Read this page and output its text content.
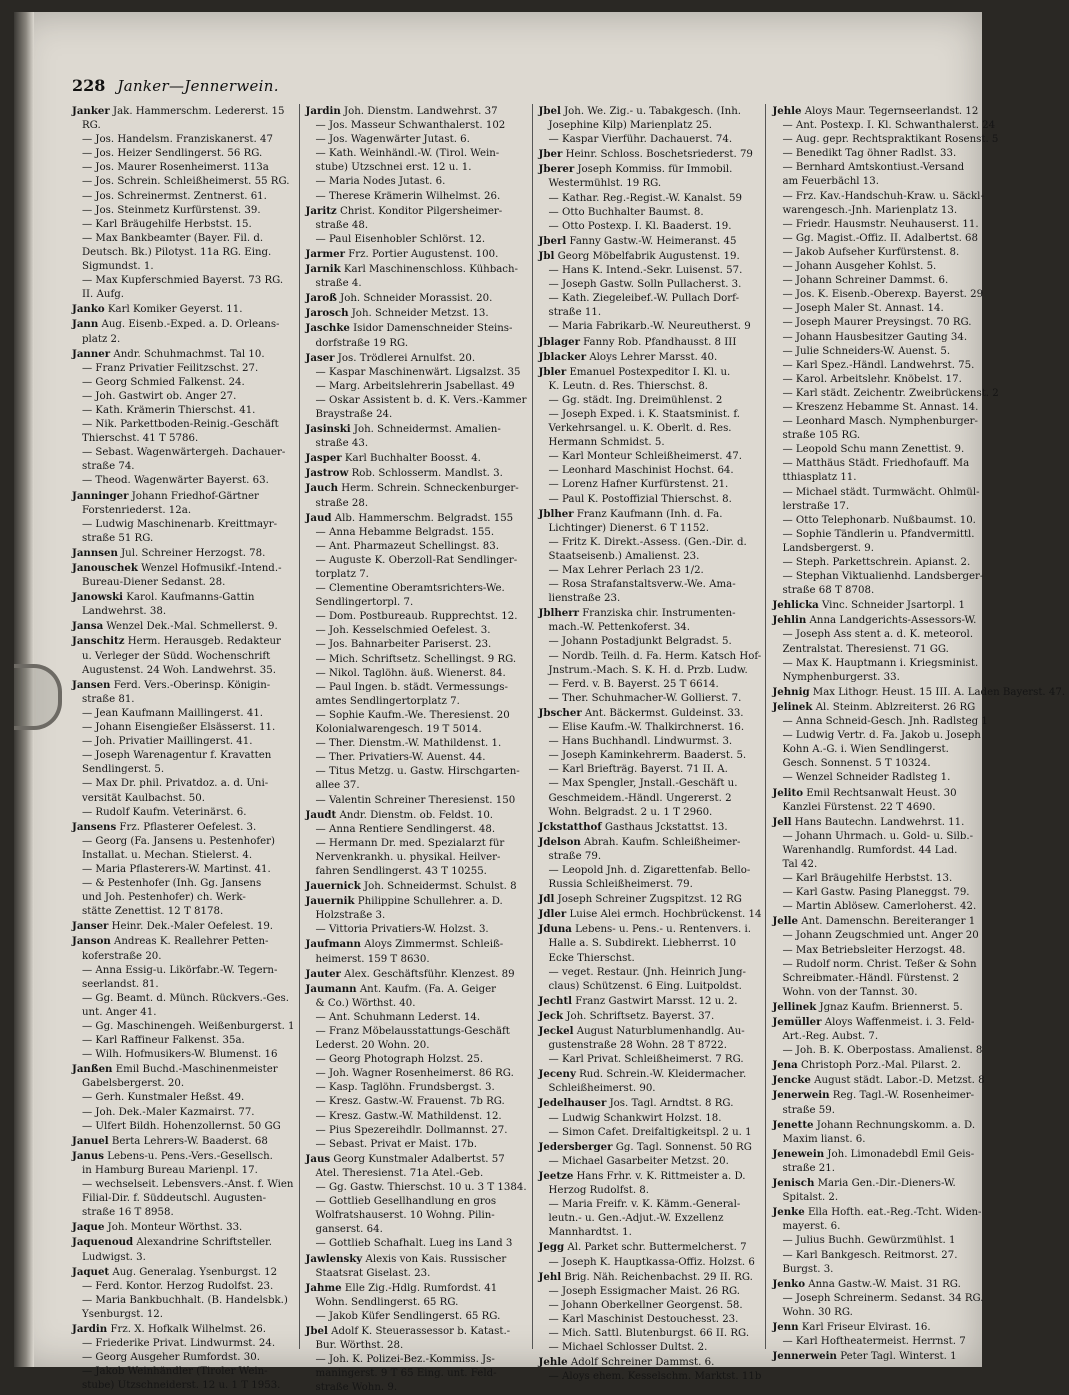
228 Janker—Jennerwein.
Janker Jak. Hammerschm. Ledererst. 15
RG.
— Jos. Handelsm. Franziskanerst. 47
— Jos. Heizer Sendlingerst. 56 RG.
— Jos. Maurer Rosenheimerst. 113a
— Jos. Schrein. Schleißheimerst. 55 RG.
— Jos. Schreinermst. Zentnerst. 61.
— Jos. Steinmetz Kurfürstenst. 39.
— Karl Bräugehilfe Herbstst. 15.
— Max Bankbeamter (Bayer. Fil. d.
Deutsch. Bk.) Pilotyst. 11a RG. Eing.
Sigmundst. 1.
— Max Kupferschmied Bayerst. 73 RG.
II. Aufg.
Janko Karl Komiker Geyerst. 11.
Jann Aug. Eisenb.-Exped. a. D. Orleans-
platz 2.
Janner Andr. Schuhmachmst. Tal 10.
— Franz Privatier Feilitzschst. 27.
— Georg Schmied Falkenst. 24.
— Joh. Gastwirt ob. Anger 27.
— Kath. Krämerin Thierschst. 41.
— Nik. Parkettboden-Reinig.-Geschäft
Thierschst. 41 T 5786.
— Sebast. Wagenwärtergeh. Dachauer-
straße 74.
— Theod. Wagenwärter Bayerst. 63.
Janninger Johann Friedhof-Gärtner
Forstenriederst. 12a.
— Ludwig Maschinenarb. Kreittmayr-
straße 51 RG.
Jannsen Jul. Schreiner Herzogst. 78.
Janouschek Wenzel Hofmusikf.-Intend.-
Bureau-Diener Sedanst. 28.
Janowski Karol. Kaufmanns-Gattin
Landwehrst. 38.
Jansa Wenzel Dek.-Mal. Schmellerst. 9.
Janschitz Herm. Herausgeb. Redakteur
u. Verleger der Südd. Wochenschrift
Augustenst. 24 Woh. Landwehrst. 35.
Jansen Ferd. Vers.-Oberinsp. Königin-
straße 81.
— Jean Kaufmann Maillingerst. 41.
— Johann Eisengießer Elsässerst. 11.
— Joh. Privatier Maillingerst. 41.
— Joseph Warenagentur f. Kravatten
Sendlingerst. 5.
— Max Dr. phil. Privatdoz. a. d. Uni-
versität Kaulbachst. 50.
— Rudolf Kaufm. Veterinärst. 6.
Jansens Frz. Pflasterer Oefelest. 3.
— Georg (Fa. Jansens u. Pestenhofer)
Installat. u. Mechan. Stielerst. 4.
— Maria Pflasterers-W. Martinst. 41.
— & Pestenhofer (Inh. Gg. Jansens
und Joh. Pestenhofer) ch. Werk-
stätte Zenettist. 12 T 8178.
Janser Heinr. Dek.-Maler Oefelest. 19.
Janson Andreas K. Reallehrer Petten-
koferstraße 20.
— Anna Essig-u. Likörfabr.-W. Tegern-
seerlandst. 81.
— Gg. Beamt. d. Münch. Rückvers.-Ges.
unt. Anger 41.
— Gg. Maschinengeh. Weißenburgerst. 1
— Karl Raffineur Falkenst. 35a.
— Wilh. Hofmusikers-W. Blumenst. 16
Janßen Emil Buchd.-Maschinenmeister
Gabelsbergerst. 20.
— Gerh. Kunstmaler Heßst. 49.
— Joh. Dek.-Maler Kazmairst. 77.
— Ulfert Bildh. Hohenzollernst. 50 GG
Januel Berta Lehrers-W. Baaderst. 68
Janus Lebens-u. Pens.-Vers.-Gesellsch.
in Hamburg Bureau Marienpl. 17.
— wechselseit. Lebensvers.-Anst. f. Wien
Filial-Dir. f. Süddeutschl. Augusten-
straße 16 T 8958.
Jaque Joh. Monteur Wörthst. 33.
Jaquenoud Alexandrine Schriftsteller.
Ludwigst. 3.
Jaquet Aug. Generalag. Ysenburgst. 12
— Ferd. Kontor. Herzog Rudolfst. 23.
— Maria Bankbuchhalt. (B. Handelsbk.)
Ysenburgst. 12.
Jardin Frz. X. Hofkalk Wilhelmst. 26.
— Friederike Privat. Lindwurmst. 24.
— Georg Ausgeher Rumfordst. 30.
— Jakob Weinhändler (Tiroler Wein-
stube) Utzschneiderst. 12 u. 1 T 1953.
Jardin Joh. Dienstm. Landwehrst. 37
— Jos. Masseur Schwanthalerst. 102
— Jos. Wagenwärter Jutast. 6.
— Kath. Weinhändl.-W. (Tirol. Wein-
stube) Utzschnei erst. 12 u. 1.
— Maria Nodes Jutast. 6.
— Therese Krämerin Wilhelmst. 26.
Jaritz Christ. Konditor Pilgersheimer-
straße 48.
— Paul Eisenhobler Schlörst. 12.
Jarmer Frz. Portier Augustenst. 100.
Jarnik Karl Maschinenschloss. Kühbach-
straße 4.
Jaroß Joh. Schneider Morassist. 20.
Jarosch Joh. Schneider Metzst. 13.
Jaschke Isidor Damenschneider Steins-
dorfstraße 19 RG.
Jaser Jos. Trödlerei Arnulfst. 20.
— Kaspar Maschinenwärt. Ligsalzst. 35
— Marg. Arbeitslehrerin Jsabellast. 49
— Oskar Assistent b. d. K. Vers.-Kammer
Braystraße 24.
Jasinski Joh. Schneidermst. Amalien-
straße 43.
Jasper Karl Buchhalter Boosst. 4.
Jastrow Rob. Schlosserm. Mandlst. 3.
Jauch Herm. Schrein. Schneckenburger-
straße 28.
Jaud Alb. Hammerschm. Belgradst. 155
— Anna Hebamme Belgradst. 155.
— Ant. Pharmazeut Schellingst. 83.
— Auguste K. Oberzoll-Rat Sendlinger-
torplatz 7.
— Clementine Oberamtsrichters-We.
Sendlingertorpl. 7.
— Dom. Postbureaub. Rupprechtst. 12.
— Joh. Kesselschmied Oefelest. 3.
— Jos. Bahnarbeiter Pariserst. 23.
— Mich. Schriftsetz. Schellingst. 9 RG.
— Nikol. Taglöhn. äuß. Wienerst. 84.
— Paul Ingen. b. städt. Vermessungs-
amtes Sendlingertorplatz 7.
— Sophie Kaufm.-We. Theresienst. 20
Kolonialwarengesch. 19 T 5014.
— Ther. Dienstm.-W. Mathildenst. 1.
— Ther. Privatiers-W. Auenst. 44.
— Titus Metzg. u. Gastw. Hirschgarten-
allee 37.
— Valentin Schreiner Theresienst. 150
Jaudt Andr. Dienstm. ob. Feldst. 10.
— Anna Rentiere Sendlingerst. 48.
— Hermann Dr. med. Spezialarzt für
Nervenkrankh. u. physikal. Heilver-
fahren Sendlingerst. 43 T 10255.
Jauernick Joh. Schneidermst. Schulst. 8
Jauernik Philippine Schullehrer. a. D.
Holzstraße 3.
— Vittoria Privatiers-W. Holzst. 3.
Jaufmann Aloys Zimmermst. Schleiß-
heimerst. 159 T 8630.
Jauter Alex. Geschäftsführ. Klenzest. 89
Jaumann Ant. Kaufm. (Fa. A. Geiger
& Co.) Wörthst. 40.
— Ant. Schuhmann Lederst. 14.
— Franz Möbelausstattungs-Geschäft
Lederst. 20 Wohn. 20.
— Georg Photograph Holzst. 25.
— Joh. Wagner Rosenheimerst. 86 RG.
— Kasp. Taglöhn. Frundsbergst. 3.
— Kresz. Gastw.-W. Frauenst. 7b RG.
— Kresz. Gastw.-W. Mathildenst. 12.
— Pius Spezereihdlr. Dollmannst. 27.
— Sebast. Privat er Maist. 17b.
Jaus Georg Kunstmaler Adalbertst. 57
Atel. Theresienst. 71a Atel.-Geb.
— Gg. Gastw. Thierschst. 10 u. 3 T 1384.
— Gottlieb Gesellhandlung en gros
Wolfratshauserst. 10 Wohng. Pilin-
ganserst. 64.
— Gottlieb Schafhalt. Lueg ins Land 3
Jawlensky Alexis von Kais. Russischer
Staatsrat Giselast. 23.
Jahme Elle Zig.-Hdlg. Rumfordst. 41
Wohn. Sendlingerst. 65 RG.
— Jakob Küfer Sendlingerst. 65 RG.
Jbel Adolf K. Steuerassessor b. Katast.-
Bur. Wörthst. 28.
— Joh. K. Polizei-Bez.-Kommiss. Js-
maningerst. 9 T 65 Eing. unt. Feld-
straße Wohn. 9.
Jbel Joh. We. Zig.- u. Tabakgesch. (Inh.
Josephine Kilp) Marienplatz 25.
— Kaspar Vierführ. Dachauerst. 74.
Jber Heinr. Schloss. Boschetsriederst. 79
Jberer Joseph Kommiss. für Immobil.
Westermühlst. 19 RG.
— Kathar. Reg.-Regist.-W. Kanalst. 59
— Otto Buchhalter Baumst. 8.
— Otto Postexp. I. Kl. Baaderst. 19.
Jberl Fanny Gastw.-W. Heimeranst. 45
Jbl Georg Möbelfabrik Augustenst. 19.
— Hans K. Intend.-Sekr. Luisenst. 57.
— Joseph Gastw. Solln Pullacherst. 3.
— Kath. Ziegeleibef.-W. Pullach Dorf-
straße 11.
— Maria Fabrikarb.-W. Neureutherst. 9
Jblager Fanny Rob. Pfandhausst. 8 III
Jblacker Aloys Lehrer Marsst. 40.
Jbler Emanuel Postexpeditor I. Kl. u.
K. Leutn. d. Res. Thierschst. 8.
— Gg. städt. Ing. Dreimühlenst. 2
— Joseph Exped. i. K. Staatsminist. f.
Verkehrsangel. u. K. Oberlt. d. Res.
Hermann Schmidst. 5.
— Karl Monteur Schleißheimerst. 47.
— Leonhard Maschinist Hochst. 64.
— Lorenz Hafner Kurfürstenst. 21.
— Paul K. Postoffizial Thierschst. 8.
Jblher Franz Kaufmann (Inh. d. Fa.
Lichtinger) Dienerst. 6 T 1152.
— Fritz K. Direkt.-Assess. (Gen.-Dir. d.
Staatseisenb.) Amalienst. 23.
— Max Lehrer Perlach 23 1/2.
— Rosa Strafanstaltsverw.-We. Ama-
lienstraße 23.
Jblherr Franziska chir. Instrumenten-
mach.-W. Pettenkoferst. 34.
— Johann Postadjunkt Belgradst. 5.
— Nordb. Teilh. d. Fa. Herm. Katsch Hof-
Jnstrum.-Mach. S. K. H. d. Przb. Ludw.
— Ferd. v. B. Bayerst. 25 T 6614.
— Ther. Schuhmacher-W. Gollierst. 7.
Jbscher Ant. Bäckermst. Guldeinst. 33.
— Elise Kaufm.-W. Thalkirchnerst. 16.
— Hans Buchhandl. Lindwurmst. 3.
— Joseph Kaminkehrerm. Baaderst. 5.
— Karl Briefträg. Bayerst. 71 II. A.
— Max Spengler, Jnstall.-Geschäft u.
Geschmeidem.-Händl. Ungererst. 2
Wohn. Belgradst. 2 u. 1 T 2960.
Jckstatthof Gasthaus Jckstattst. 13.
Jdelson Abrah. Kaufm. Schleißheimer-
straße 79.
— Leopold Jnh. d. Zigarettenfab. Bello-
Russia Schleißheimerst. 79.
Jdl Joseph Schreiner Zugspitzst. 12 RG
Jdler Luise Alei ermch. Hochbrückenst. 14
Jduna Lebens- u. Pens.- u. Rentenvers. i.
Halle a. S. Subdirekt. Liebherrst. 10
Ecke Thierschst.
— veget. Restaur. (Jnh. Heinrich Jung-
claus) Schützenst. 6 Eing. Luitpoldst.
Jechtl Franz Gastwirt Marsst. 12 u. 2.
Jeck Joh. Schriftsetz. Bayerst. 37.
Jeckel August Naturblumenhandlg. Au-
gustenstraße 28 Wohn. 28 T 8722.
— Karl Privat. Schleißheimerst. 7 RG.
Jeceny Rud. Schrein.-W. Kleidermacher.
Schleißheimerst. 90.
Jedelhauser Jos. Tagl. Arndtst. 8 RG.
— Ludwig Schankwirt Holzst. 18.
— Simon Cafet. Dreifaltigkeitspl. 2 u. 1
Jedersberger Gg. Tagl. Sonnenst. 50 RG
— Michael Gasarbeiter Metzst. 20.
Jeetze Hans Frhr. v. K. Rittmeister a. D.
Herzog Rudolfst. 8.
— Maria Freifr. v. K. Kämm.-General-
leutn.- u. Gen.-Adjut.-W. Exzellenz
Mannhardtst. 1.
Jegg Al. Parket schr. Buttermelcherst. 7
— Joseph K. Hauptkassa-Offiz. Holzst. 6
Jehl Brig. Näh. Reichenbachst. 29 II. RG.
— Joseph Essigmacher Maist. 26 RG.
— Johann Oberkellner Georgenst. 58.
— Karl Maschinist Destouchesst. 23.
— Mich. Sattl. Blutenburgst. 66 II. RG.
— Michael Schlosser Dultst. 2.
Jehle Adolf Schreiner Dammst. 6.
— Aloys ehem. Kesselschm. Marktst. 11b
Jehle Aloys Maur. Tegernseerlandst. 12
— Ant. Postexp. I. Kl. Schwanthalerst. 24
— Aug. gepr. Rechtspraktikant Rosenst. 5
— Benedikt Tag öhner Radlst. 33.
— Bernhard Amtskontiust.-Versand
am Feuerbächl 13.
— Frz. Kav.-Handschuh-Kraw. u. Säckl-
warengesch.-Jnh. Marienplatz 13.
— Friedr. Hausmstr. Neuhauserst. 11.
— Gg. Magist.-Offiz. II. Adalbertst. 68
— Jakob Aufseher Kurfürstenst. 8.
— Johann Ausgeher Kohlst. 5.
— Johann Schreiner Dammst. 6.
— Jos. K. Eisenb.-Oberexp. Bayerst. 29
— Joseph Maler St. Annast. 14.
— Joseph Maurer Preysingst. 70 RG.
— Johann Hausbesitzer Gauting 34.
— Julie Schneiders-W. Auenst. 5.
— Karl Spez.-Händl. Landwehrst. 75.
— Karol. Arbeitslehr. Knöbelst. 17.
— Karl städt. Zeichentr. Zweibrückenst. 2
— Kreszenz Hebamme St. Annast. 14.
— Leonhard Masch. Nymphenburger-
straße 105 RG.
— Leopold Schu mann Zenettist. 9.
— Matthäus Städt. Friedhofauff. Ma
tthiasplatz 11.
— Michael städt. Turmwächt. Ohlmül-
lerstraße 17.
— Otto Telephonarb. Nußbaumst. 10.
— Sophie Tändlerin u. Pfandvermittl.
Landsbergerst. 9.
— Steph. Parkettschrein. Apianst. 2.
— Stephan Viktualienhd. Landsberger-
straße 68 T 8708.
Jehlicka Vinc. Schneider Jsartorpl. 1
Jehlin Anna Landgerichts-Assessors-W.
— Joseph Ass stent a. d. K. meteorol.
Zentralstat. Theresienst. 71 GG.
— Max K. Hauptmann i. Kriegsminist.
Nymphenburgerst. 33.
Jehnig Max Lithogr. Heust. 15 III. A. Laden Bayerst. 47.
Jelinek Al. Steinm. Ablzreiterst. 26 RG
— Anna Schneid-Gesch. Jnh. Radlsteg 1
— Ludwig Vertr. d. Fa. Jakob u. Joseph
Kohn A.-G. i. Wien Sendlingerst.
Gesch. Sonnenst. 5 T 10324.
— Wenzel Schneider Radlsteg 1.
Jelito Emil Rechtsanwalt Heust. 30
Kanzlei Fürstenst. 22 T 4690.
Jell Hans Bautechn. Landwehrst. 11.
— Johann Uhrmach. u. Gold- u. Silb.-
Warenhandlg. Rumfordst. 44 Lad.
Tal 42.
— Karl Bräugehilfe Herbstst. 13.
— Karl Gastw. Pasing Planeggst. 79.
— Martin Ablösew. Camerloherst. 42.
Jelle Ant. Damenschn. Bereiteranger 1
— Johann Zeugschmied unt. Anger 20
— Max Betriebsleiter Herzogst. 48.
— Rudolf norm. Christ. Teßer & Sohn
Schreibmater.-Händl. Fürstenst. 2
Wohn. von der Tannst. 30.
Jellinek Jgnaz Kaufm. Briennerst. 5.
Jemüller Aloys Waffenmeist. i. 3. Feld-
Art.-Reg. Aubst. 7.
— Joh. B. K. Oberpostass. Amalienst. 8
Jena Christoph Porz.-Mal. Pilarst. 2.
Jencke August städt. Labor.-D. Metzst. 8
Jenerwein Reg. Tagl.-W. Rosenheimer-
straße 59.
Jenette Johann Rechnungskomm. a. D.
Maxim lianst. 6.
Jenewein Joh. Limonadebdl Emil Geis-
straße 21.
Jenisch Maria Gen.-Dir.-Dieners-W.
Spitalst. 2.
Jenke Ella Hofth. eat.-Reg.-Tcht. Widen-
mayerst. 6.
— Julius Buchh. Gewürzmühlst. 1
— Karl Bankgesch. Reitmorst. 27.
Burgst. 3.
Jenko Anna Gastw.-W. Maist. 31 RG.
— Joseph Schreinerm. Sedanst. 34 RG.
Wohn. 30 RG.
Jenn Karl Friseur Elvirast. 16.
— Karl Hoftheatermeist. Herrnst. 7
Jennerwein Peter Tagl. Winterst. 1
